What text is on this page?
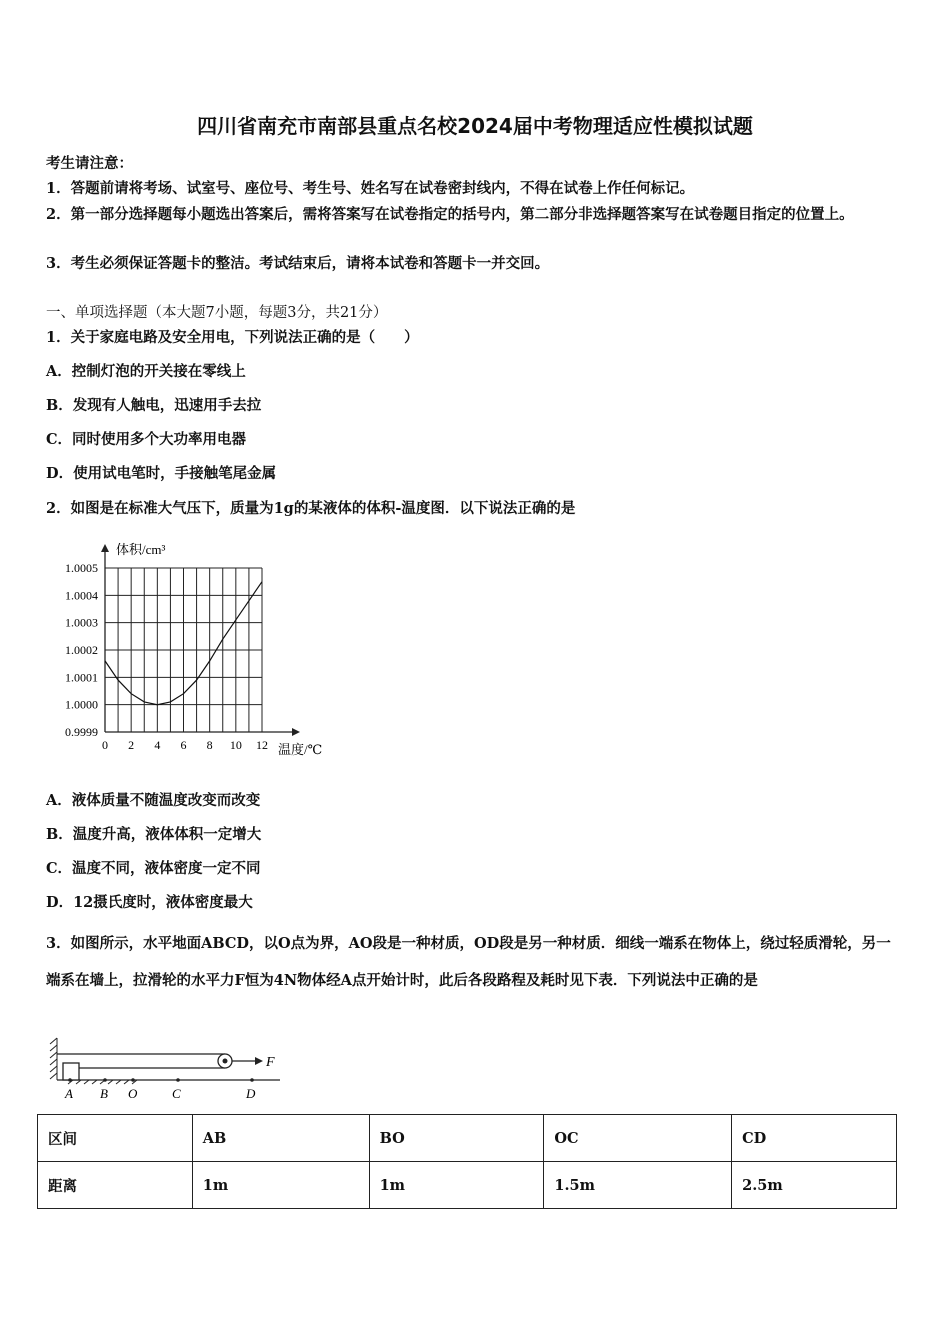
四川省南充市南部县重点名校2024届中考物理适应性模拟试题
考生请注意：
1．答题前请将考场、试室号、座位号、考生号、姓名写在试卷密封线内，不得在试卷上作任何标记。
2．第一部分选择题每小题选出答案后，需将答案写在试卷指定的括号内，第二部分非选择题答案写在试卷题目指定的位置上。
3．考生必须保证答题卡的整洁。考试结束后，请将本试卷和答题卡一并交回。
一、单项选择题（本大题7小题，每题3分，共21分）
1．关于家庭电路及安全用电，下列说法正确的是（　　）
A．控制灯泡的开关接在零线上
B．发现有人触电，迅速用手去拉
C．同时使用多个大功率用电器
D．使用试电笔时，手接触笔尾金属
2．如图是在标准大气压下，质量为1g的某液体的体积-温度图．以下说法正确的是
0 2 4 6 8 10 12
0.9999
1.0000
1.0001
1.0002
1.0003
1.0004
1.0005
体积/cm³
温度/℃
A．液体质量不随温度改变而改变
B．温度升高，液体体积一定增大
C．温度不同，液体密度一定不同
D．12摄氏度时，液体密度最大
3．如图所示，水平地面ABCD，以O点为界，AO段是一种材质，OD段是另一种材质．细线一端系在物体上，绕过轻质滑轮，另一端系在墙上，拉滑轮的水平力F恒为4N物体经A点开始计时，此后各段路程及耗时见下表．下列说法中正确的是
F
A B O	C	D
区间	AB	BO	OC	CD
距离	1m	1m	1.5m	2.5m
